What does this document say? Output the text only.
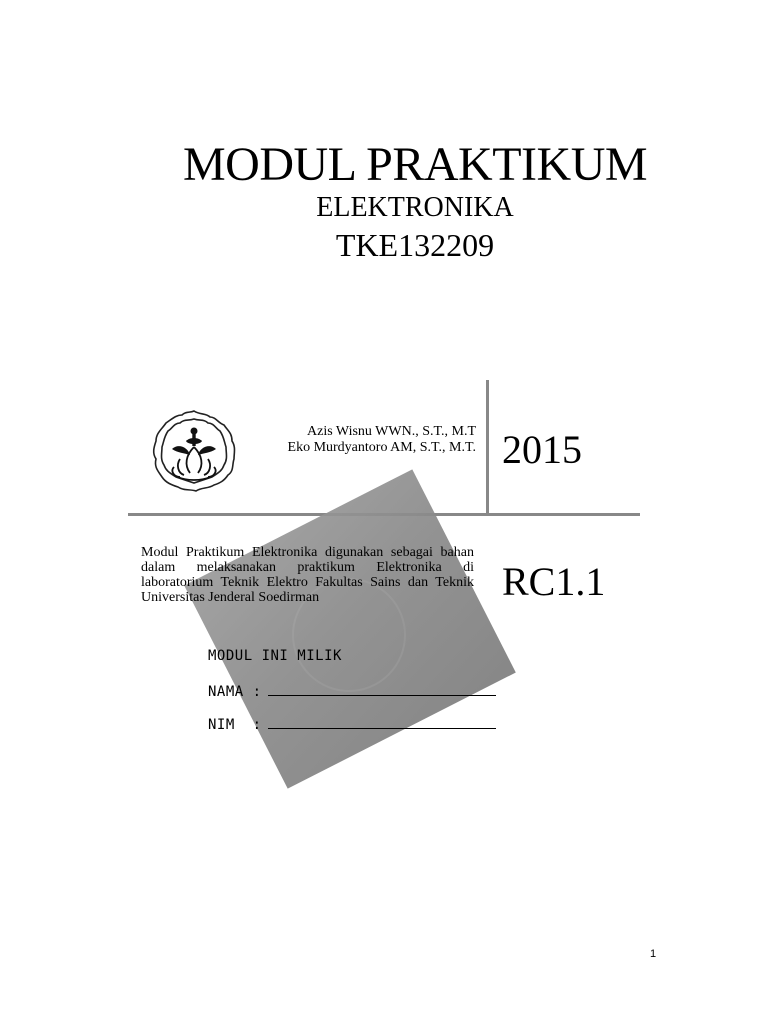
MODUL PRAKTIKUM
ELEKTRONIKA
TKE132209
Azis Wisnu WWN., S.T., M.T
Eko Murdyantoro AM, S.T., M.T. 2015
Modul Praktikum Elektronika digunakan sebagai bahan dalam melaksanakan praktikum Elektronika di laboratorium Teknik Elektro Fakultas Sains dan Teknik Universitas Jenderal Soedirman	RC1.1
MODUL INI MILIK
NAMA :
NIM  :
1
